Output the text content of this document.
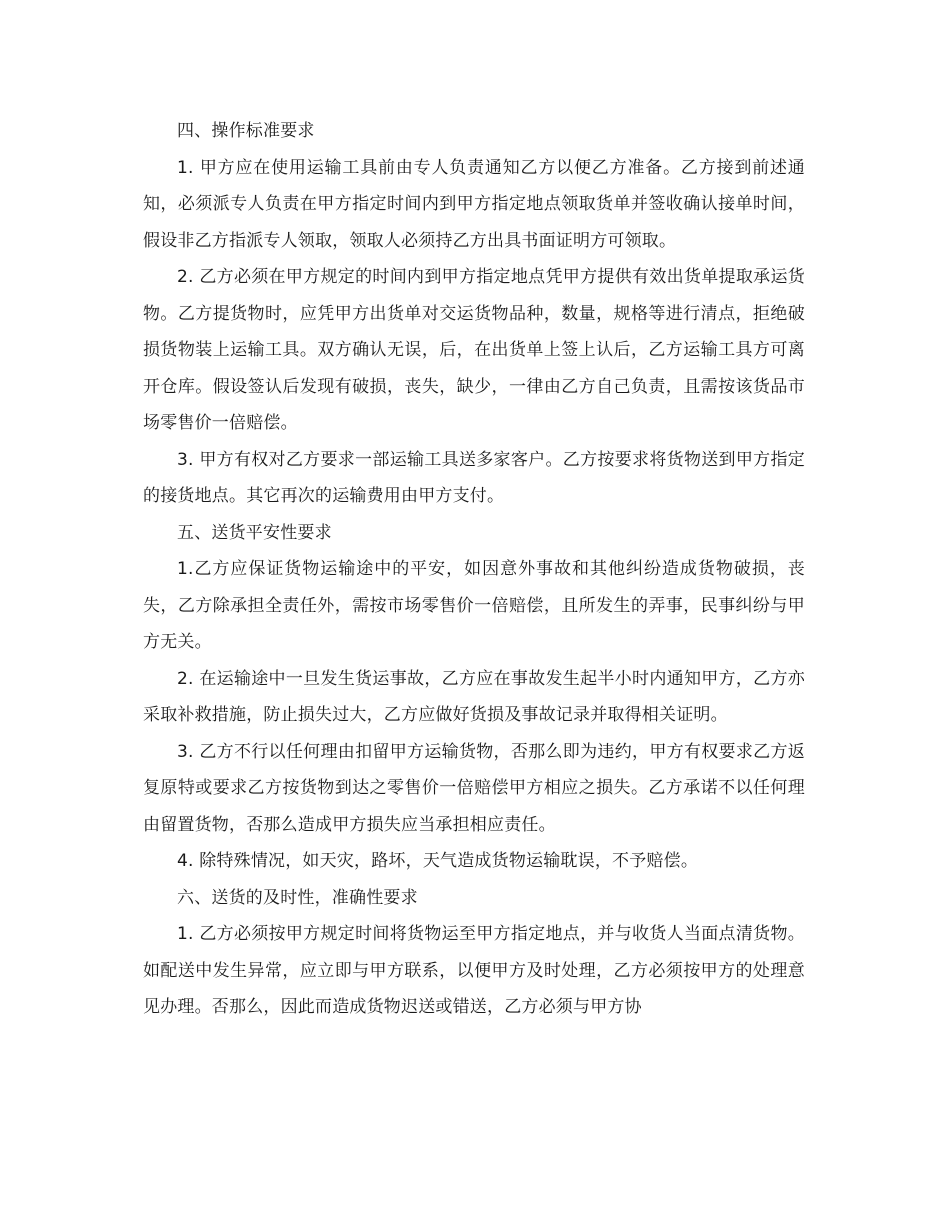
四、操作标准要求

1. 甲方应在使用运输工具前由专人负责通知乙方以便乙方准备。乙方接到前述通知，必须派专人负责在甲方指定时间内到甲方指定地点领取货单并签收确认接单时间，假设非乙方指派专人领取，领取人必须持乙方出具书面证明方可领取。

2. 乙方必须在甲方规定的时间内到甲方指定地点凭甲方提供有效出货单提取承运货物。乙方提货物时，应凭甲方出货单对交运货物品种，数量，规格等进行清点，拒绝破损货物装上运输工具。双方确认无误，后，在出货单上签上认后，乙方运输工具方可离开仓库。假设签认后发现有破损，丧失，缺少，一律由乙方自己负责，且需按该货品市场零售价一倍赔偿。

3. 甲方有权对乙方要求一部运输工具送多家客户。乙方按要求将货物送到甲方指定的接货地点。其它再次的运输费用由甲方支付。

五、送货平安性要求

1.乙方应保证货物运输途中的平安，如因意外事故和其他纠纷造成货物破损，丧失，乙方除承担全责任外，需按市场零售价一倍赔偿，且所发生的弄事，民事纠纷与甲方无关。

2. 在运输途中一旦发生货运事故，乙方应在事故发生起半小时内通知甲方，乙方亦采取补救措施，防止损失过大，乙方应做好货损及事故记录并取得相关证明。

3. 乙方不行以任何理由扣留甲方运输货物，否那么即为违约，甲方有权要求乙方返复原特或要求乙方按货物到达之零售价一倍赔偿甲方相应之损失。乙方承诺不以任何理由留置货物，否那么造成甲方损失应当承担相应责任。

4. 除特殊情况，如天灾，路坏，天气造成货物运输耽误，不予赔偿。

六、送货的及时性，准确性要求

1. 乙方必须按甲方规定时间将货物运至甲方指定地点，并与收货人当面点清货物。如配送中发生异常，应立即与甲方联系，以便甲方及时处理，乙方必须按甲方的处理意见办理。否那么，因此而造成货物迟送或错送，乙方必须与甲方协
